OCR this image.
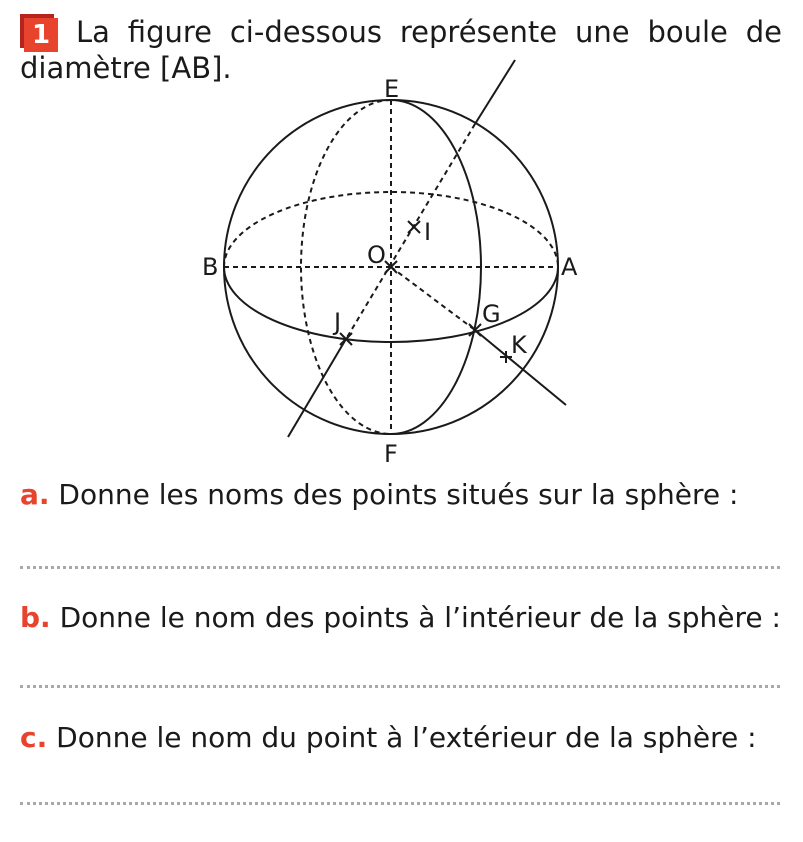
1 La figure ci-dessous représente une boule de diamètre [AB].
E
F
A
B	O
I
G
J
K
a. Donne les noms des points situés sur la sphère :
b. Donne le nom des points à l’intérieur de la sphère :
c. Donne le nom du point à l’extérieur de la sphère :
